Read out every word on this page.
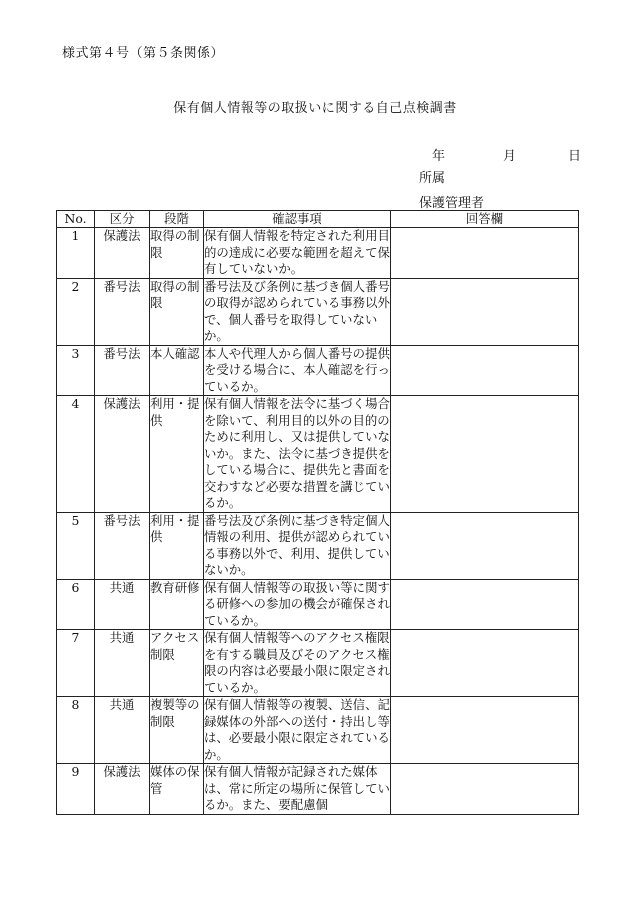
様式第４号（第５条関係）
保有個人情報等の取扱いに関する自己点検調書
年	月	日
所属
保護管理者
No.	区分	段階	確認事項	回答欄
1	保護法	取得の制限	保有個人情報を特定された利用目的の達成に必要な範囲を超えて保有していないか。	
2	番号法	取得の制限	番号法及び条例に基づき個人番号の取得が認められている事務以外で、個人番号を取得していないか。	
3	番号法	本人確認	本人や代理人から個人番号の提供を受ける場合に、本人確認を行っているか。	
4	保護法	利用・提供	保有個人情報を法令に基づく場合を除いて、利用目的以外の目的のために利用し、又は提供していないか。また、法令に基づき提供をしている場合に、提供先と書面を交わすなど必要な措置を講じているか。	
5	番号法	利用・提供	番号法及び条例に基づき特定個人情報の利用、提供が認められている事務以外で、利用、提供していないか。	
6	共通	教育研修	保有個人情報等の取扱い等に関する研修への参加の機会が確保されているか。	
7	共通	アクセス制限	保有個人情報等へのアクセス権限を有する職員及びそのアクセス権限の内容は必要最小限に限定されているか。	
8	共通	複製等の制限	保有個人情報等の複製、送信、記録媒体の外部への送付・持出し等は、必要最小限に限定されているか。	
9	保護法	媒体の保管	保有個人情報が記録された媒体は、常に所定の場所に保管しているか。また、要配慮個	
